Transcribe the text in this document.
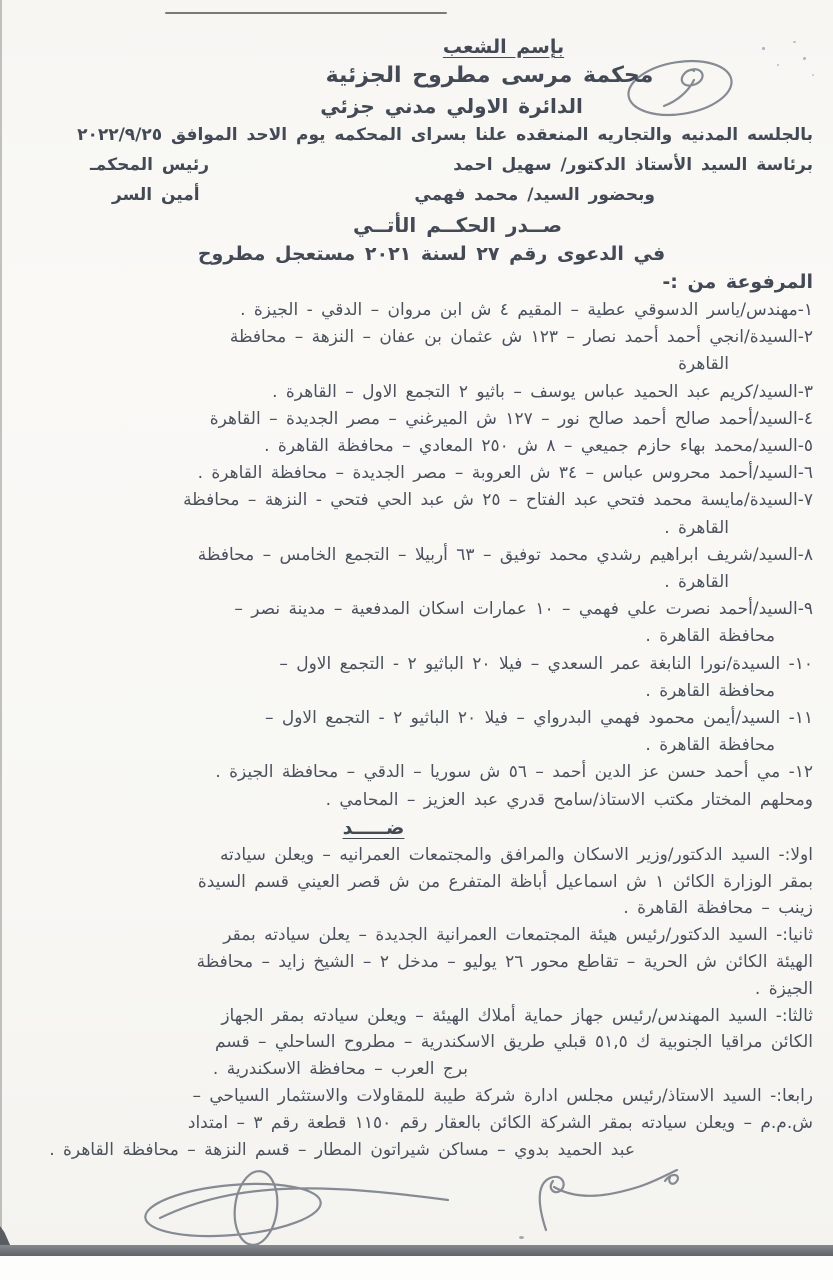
بإسم الشعب
محكمة مرسى مطروح الجزئية
الدائرة الاولي مدني جزئي
بالجلسه المدنيه والتجاريه المنعقده علنا بسراى المحكمه يوم الاحد الموافق ٢٠٢٢/٩/٢٥
برئاسة السيد الأستاذ الدكتور/ سهيل احمد
رئيس المحكمـ
وبحضور السيد/ محمد فهمي
أمين السر
صــدر الحكــم الأتــي
في الدعوى رقم ٢٧ لسنة ٢٠٢١ مستعجل مطروح
المرفوعة من :-
١-مهندس/ياسر الدسوقي عطية – المقيم ٤ ش ابن مروان – الدقي - الجيزة .
٢-السيدة/انجي أحمد أحمد نصار – ١٢٣ ش عثمان بن عفان – النزهة – محافظة
القاهرة
٣-السيد/كريم عبد الحميد عباس يوسف – باثيو ٢ التجمع الاول – القاهرة .
٤-السيد/أحمد صالح أحمد صالح نور – ١٢٧ ش الميرغني – مصر الجديدة – القاهرة
٥-السيد/محمد بهاء حازم جميعي – ٨ ش ٢٥٠ المعادي – محافظة القاهرة .
٦-السيد/أحمد محروس عباس – ٣٤ ش العروبة – مصر الجديدة – محافظة القاهرة .
٧-السيدة/مايسة محمد فتحي عبد الفتاح – ٢٥ ش عبد الحي فتحي - النزهة – محافظة
القاهرة .
٨-السيد/شريف ابراهيم رشدي محمد توفيق – ٦٣ أربيلا – التجمع الخامس – محافظة
القاهرة .
٩-السيد/أحمد نصرت علي فهمي – ١٠ عمارات اسكان المدفعية – مدينة نصر –
محافظة القاهرة .
١٠- السيدة/نورا النابغة عمر السعدي – فيلا ٢٠ الباثيو ٢ - التجمع الاول –
محافظة القاهرة .
١١- السيد/أيمن محمود فهمي البدرواي – فيلا ٢٠ الباثيو ٢ - التجمع الاول –
محافظة القاهرة .
١٢- مي أحمد حسن عز الدين أحمد – ٥٦ ش سوريا – الدقي – محافظة الجيزة .
ومحلهم المختار مكتب الاستاذ/سامح قدري عبد العزيز – المحامي .
ضـــــد
اولا:- السيد الدكتور/وزير الاسكان والمرافق والمجتمعات العمرانيه – ويعلن سيادته
بمقر الوزارة الكائن ١ ش اسماعيل أباظة المتفرع من ش قصر العيني قسم السيدة
زينب – محافظة القاهرة .
ثانيا:- السيد الدكتور/رئيس هيئة المجتمعات العمرانية الجديدة – يعلن سيادته بمقر
الهيئة الكائن ش الحرية – تقاطع محور ٢٦ يوليو – مدخل ٢ – الشيخ زايد – محافظة
الجيزة .
ثالثا:- السيد المهندس/رئيس جهاز حماية أملاك الهيئة – ويعلن سيادته بمقر الجهاز
الكائن مراقيا الجنوبية ك ٥١,٥ قبلي طريق الاسكندرية – مطروح الساحلي – قسم
برج العرب – محافظة الاسكندرية .
رابعا:- السيد الاستاذ/رئيس مجلس ادارة شركة طيبة للمقاولات والاستثمار السياحي –
ش.م.م – ويعلن سيادته بمقر الشركة الكائن بالعقار رقم ١١٥٠ قطعة رقم ٣ – امتداد
عبد الحميد بدوي – مساكن شيراتون المطار – قسم النزهة – محافظة القاهرة .
